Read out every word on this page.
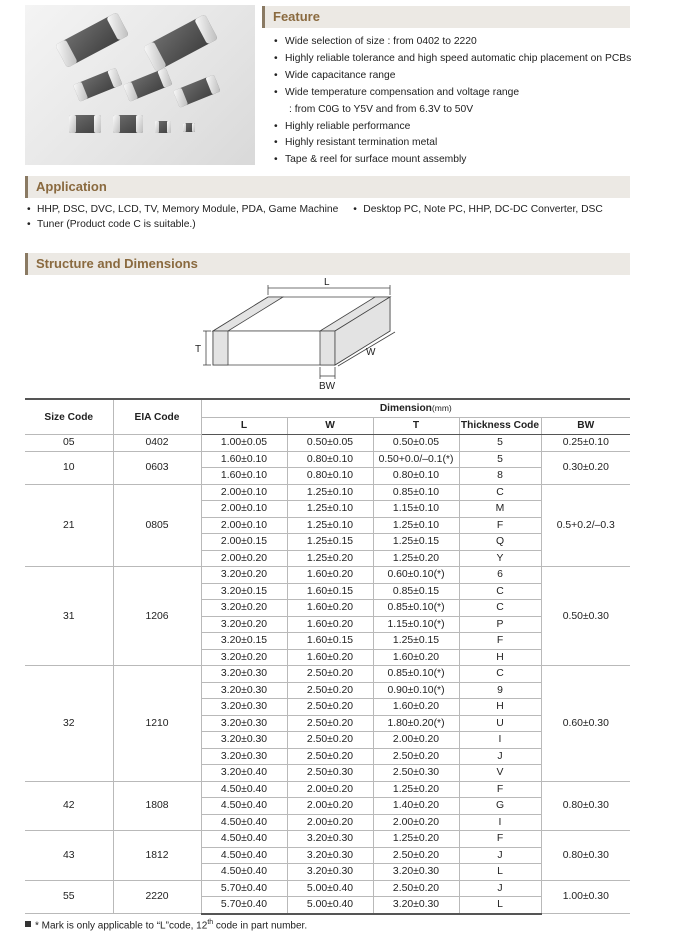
Feature
• Wide selection of size : from 0402 to 2220
• Highly reliable tolerance and high speed automatic chip placement on PCBs
• Wide capacitance range
• Wide temperature compensation and voltage range
: from C0G to Y5V and from 6.3V to 50V
• Highly reliable performance
• Highly resistant termination metal
• Tape & reel for surface mount assembly
Application
• HHP, DSC, DVC, LCD, TV, Memory Module, PDA, Game Machine • Desktop PC, Note PC, HHP, DC-DC Converter, DSC
• Tuner (Product code C is suitable.)
Structure and Dimensions
L
T	W
BW
Size Code	EIA Code	Dimension(mm)				
		L	W	T	Thickness Code	BW
05	0402	1.00±0.05	0.50±0.05	0.50±0.05	5	0.25±0.10
10	0603	1.60±0.10	0.80±0.10	0.50+0.0/–0.1(*)	5	0.30±0.20
		1.60±0.10	0.80±0.10	0.80±0.10	8	
21	0805	2.00±0.10	1.25±0.10	0.85±0.10	C	0.5+0.2/–0.3
		2.00±0.10	1.25±0.10	1.15±0.10	M	
		2.00±0.10	1.25±0.10	1.25±0.10	F	
		2.00±0.15	1.25±0.15	1.25±0.15	Q	
		2.00±0.20	1.25±0.20	1.25±0.20	Y	
31	1206	3.20±0.20	1.60±0.20	0.60±0.10(*)	6	0.50±0.30
		3.20±0.15	1.60±0.15	0.85±0.15	C	
		3.20±0.20	1.60±0.20	0.85±0.10(*)	C	
		3.20±0.20	1.60±0.20	1.15±0.10(*)	P	
		3.20±0.15	1.60±0.15	1.25±0.15	F	
		3.20±0.20	1.60±0.20	1.60±0.20	H	
32	1210	3.20±0.30	2.50±0.20	0.85±0.10(*)	C	0.60±0.30
		3.20±0.30	2.50±0.20	0.90±0.10(*)	9	
		3.20±0.30	2.50±0.20	1.60±0.20	H	
		3.20±0.30	2.50±0.20	1.80±0.20(*)	U	
		3.20±0.30	2.50±0.20	2.00±0.20	I	
		3.20±0.30	2.50±0.20	2.50±0.20	J	
		3.20±0.40	2.50±0.30	2.50±0.30	V	
42	1808	4.50±0.40	2.00±0.20	1.25±0.20	F	0.80±0.30
		4.50±0.40	2.00±0.20	1.40±0.20	G	
		4.50±0.40	2.00±0.20	2.00±0.20	I	
43	1812	4.50±0.40	3.20±0.30	1.25±0.20	F	0.80±0.30
		4.50±0.40	3.20±0.30	2.50±0.20	J	
		4.50±0.40	3.20±0.30	3.20±0.30	L	
55	2220	5.70±0.40	5.00±0.40	2.50±0.20	J	1.00±0.30
		5.70±0.40	5.00±0.40	3.20±0.30	L	
* Mark is only applicable to “L”code, 12th code in part number.
